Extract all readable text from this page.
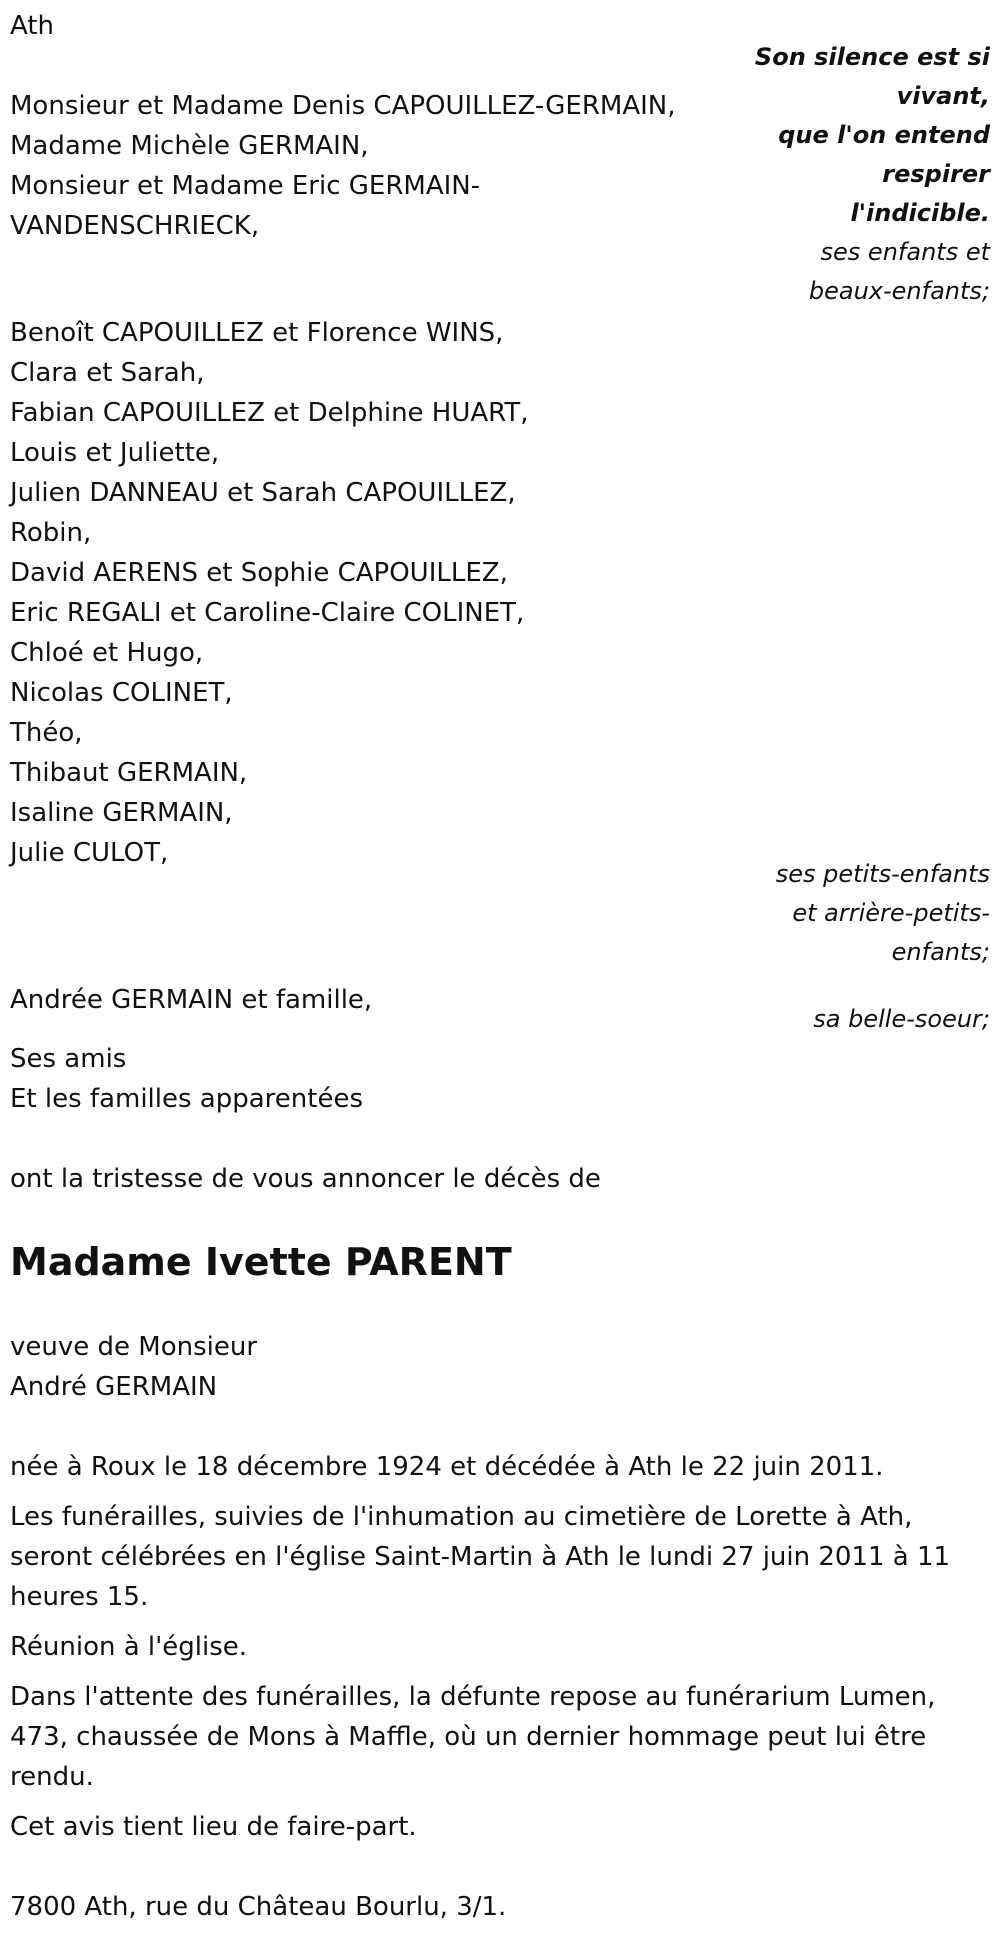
Ath

Son silence est si

vivant,

que l'on entend

respirer

l'indicible.

ses enfants et

beaux-enfants;

Monsieur et Madame Denis CAPOUILLEZ-GERMAIN,

Madame Michèle GERMAIN,

Monsieur et Madame Eric GERMAIN-

VANDENSCHRIECK,

Benoît CAPOUILLEZ et Florence WINS,

Clara et Sarah,

Fabian CAPOUILLEZ et Delphine HUART,

Louis et Juliette,

Julien DANNEAU et Sarah CAPOUILLEZ,

Robin,

David AERENS et Sophie CAPOUILLEZ,

Eric REGALI et Caroline-Claire COLINET,

Chloé et Hugo,

Nicolas COLINET,

Théo,

Thibaut GERMAIN,

Isaline GERMAIN,

Julie CULOT,

ses petits-enfants

et arrière-petits-

enfants;

Andrée GERMAIN et famille,

sa belle-soeur;

Ses amis

Et les familles apparentées

ont la tristesse de vous annoncer le décès de

Madame Ivette PARENT

veuve de Monsieur

André GERMAIN

née à Roux le 18 décembre 1924 et décédée à Ath le 22 juin 2011.

Les funérailles, suivies de l'inhumation au cimetière de Lorette à Ath,

seront célébrées en l'église Saint-Martin à Ath le lundi 27 juin 2011 à 11

heures 15.

Réunion à l'église.

Dans l'attente des funérailles, la défunte repose au funérarium Lumen,

473, chaussée de Mons à Maffle, où un dernier hommage peut lui être

rendu.

Cet avis tient lieu de faire-part.

7800 Ath, rue du Château Bourlu, 3/1.
